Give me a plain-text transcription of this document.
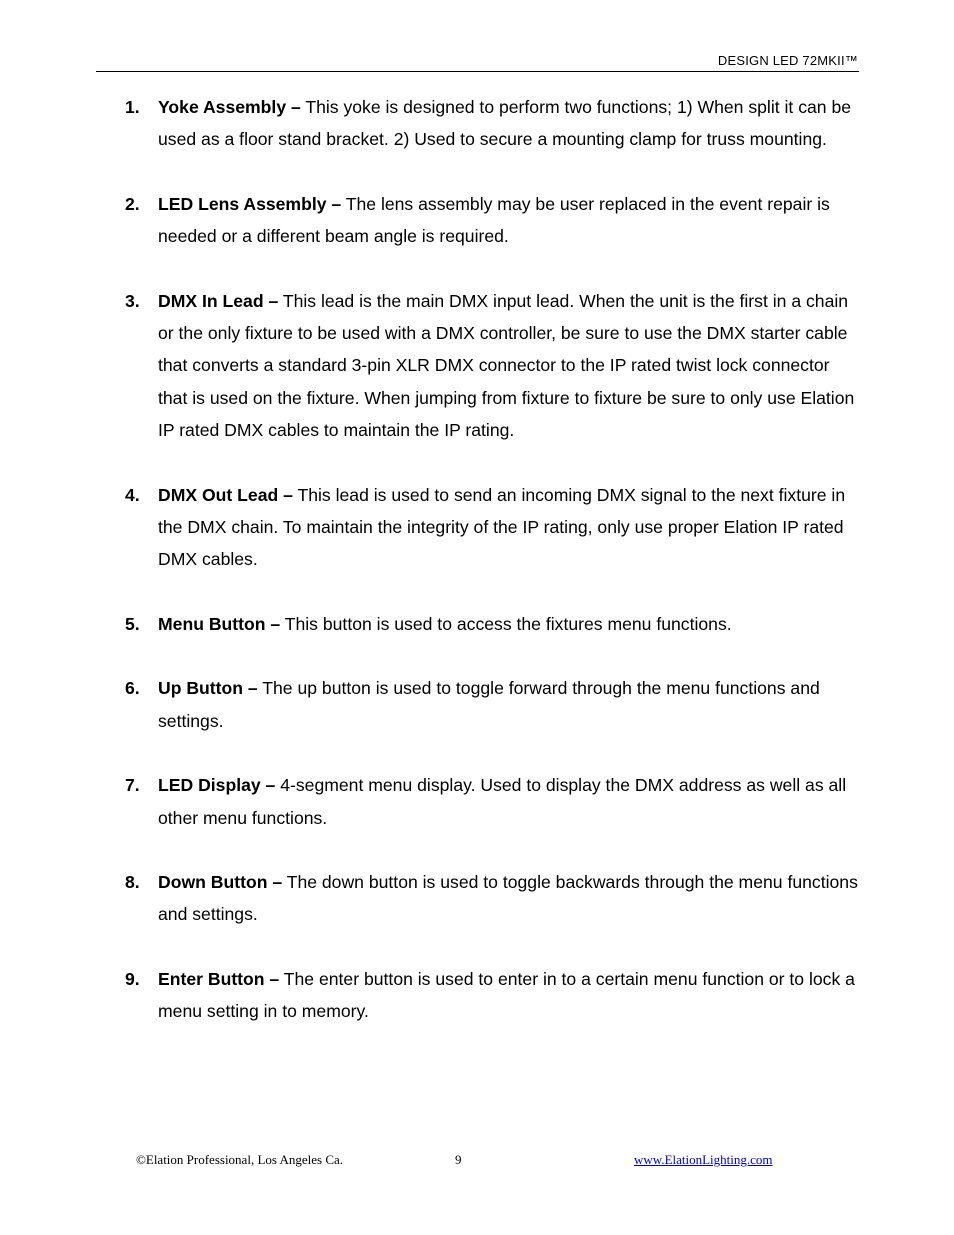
DESIGN LED 72MKII™
1. Yoke Assembly – This yoke is designed to perform two functions; 1) When split it can be used as a floor stand bracket. 2) Used to secure a mounting clamp for truss mounting.
2. LED Lens Assembly – The lens assembly may be user replaced in the event repair is needed or a different beam angle is required.
3. DMX In Lead – This lead is the main DMX input lead. When the unit is the first in a chain or the only fixture to be used with a DMX controller, be sure to use the DMX starter cable that converts a standard 3-pin XLR DMX connector to the IP rated twist lock connector that is used on the fixture. When jumping from fixture to fixture be sure to only use Elation IP rated DMX cables to maintain the IP rating.
4. DMX Out Lead – This lead is used to send an incoming DMX signal to the next fixture in the DMX chain. To maintain the integrity of the IP rating, only use proper Elation IP rated DMX cables.
5. Menu Button – This button is used to access the fixtures menu functions.
6. Up Button – The up button is used to toggle forward through the menu functions and settings.
7. LED Display – 4-segment menu display. Used to display the DMX address as well as all other menu functions.
8. Down Button – The down button is used to toggle backwards through the menu functions and settings.
9. Enter Button – The enter button is used to enter in to a certain menu function or to lock a menu setting in to memory.
©Elation Professional, Los Angeles Ca.	9	www.ElationLighting.com
